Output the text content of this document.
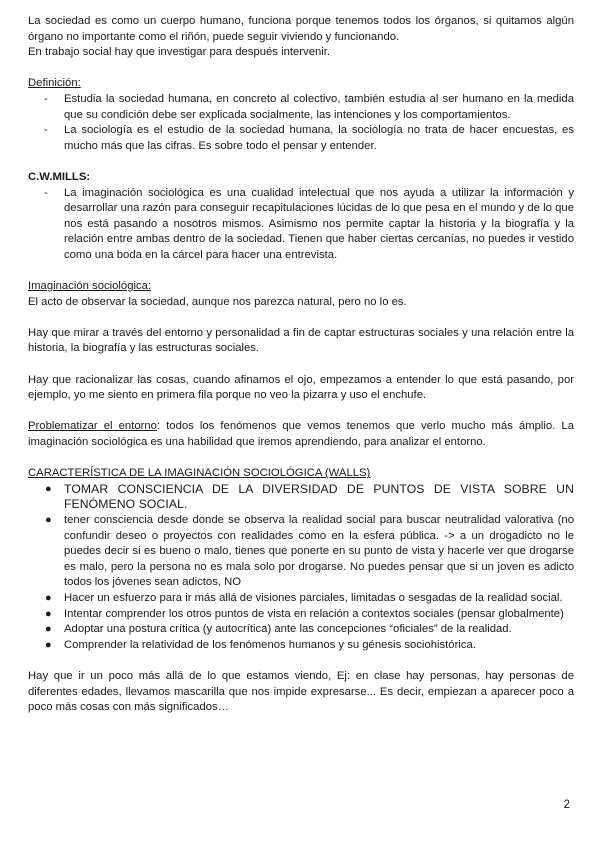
La sociedad es como un cuerpo humano, funciona porque tenemos todos los órganos, si quitamos algún órgano no importante como el riñón, puede seguir viviendo y funcionando.

En trabajo social hay que investigar para después intervenir.

Definición:

- Estudia la sociedad humana, en concreto al colectivo, también estudia al ser humano en la medida que su condición debe ser explicada socialmente, las intenciones y los comportamientos.
- La sociología es el estudio de la sociedad humana, la sociología no trata de hacer encuestas, es mucho más que las cifras. Es sobre todo el pensar y entender.

C.W.MILLS:

- La imaginación sociológica es una cualidad intelectual que nos ayuda a utilizar la información y desarrollar una razón para conseguir recapitulaciones lúcidas de lo que pesa en el mundo y de lo que nos está pasando a nosotros mismos. Asimismo nos permite captar la historia y la biografía y la relación entre ambas dentro de la sociedad. Tienen que haber ciertas cercanías, no puedes ir vestido como una boda en la cárcel para hacer una entrevista.

Imaginación sociológica:

El acto de observar la sociedad, aunque nos parezca natural, pero no lo es.

Hay que mirar a través del entorno y personalidad a fin de captar estructuras sociales y una relación entre la historia, la biografía y las estructuras sociales.

Hay que racionalizar las cosas, cuando afinamos el ojo, empezamos a entender lo que está pasando, por ejemplo, yo me siento en primera fila porque no veo la pizarra y uso el enchufe.

Problematizar el entorno: todos los fenómenos que vemos tenemos que verlo mucho más ámplio. La imaginación sociológica es una habilidad que iremos aprendiendo, para analizar el entorno.

CARACTERÍSTICA DE LA IMAGINACIÓN SOCIOLÓGICA (WALLS)

● TOMAR CONSCIENCIA DE LA DIVERSIDAD DE PUNTOS DE VISTA SOBRE UN FENÓMENO SOCIAL.
● tener consciencia desde donde se observa la realidad social para buscar neutralidad valorativa (no confundir deseo o proyectos con realidades como en la esfera pública. -> a un drogadicto no le puedes decir si es bueno o malo, tienes que ponerte en su punto de vista y hacerle ver que drogarse es malo, pero la persona no es mala solo por drogarse. No puedes pensar que si un joven es adicto todos los jóvenes sean adictos, NO
● Hacer un esfuerzo para ir más allá de visiones parciales, limitadas o sesgadas de la realidad social.
● Intentar comprender los otros puntos de vista en relación a contextos sociales (pensar globalmente)
● Adoptar una postura crítica (y autocrítica) ante las concepciones “oficiales” de la realidad.
● Comprender la relatividad de los fenómenos humanos y su génesis sociohistórica.

Hay que ir un poco más allá de lo que estamos viendo, Ej: en clase hay personas, hay personas de diferentes edades, llevamos mascarilla que nos impide expresarse... Es decir, empiezan a aparecer poco a poco más cosas con más significados…

2
